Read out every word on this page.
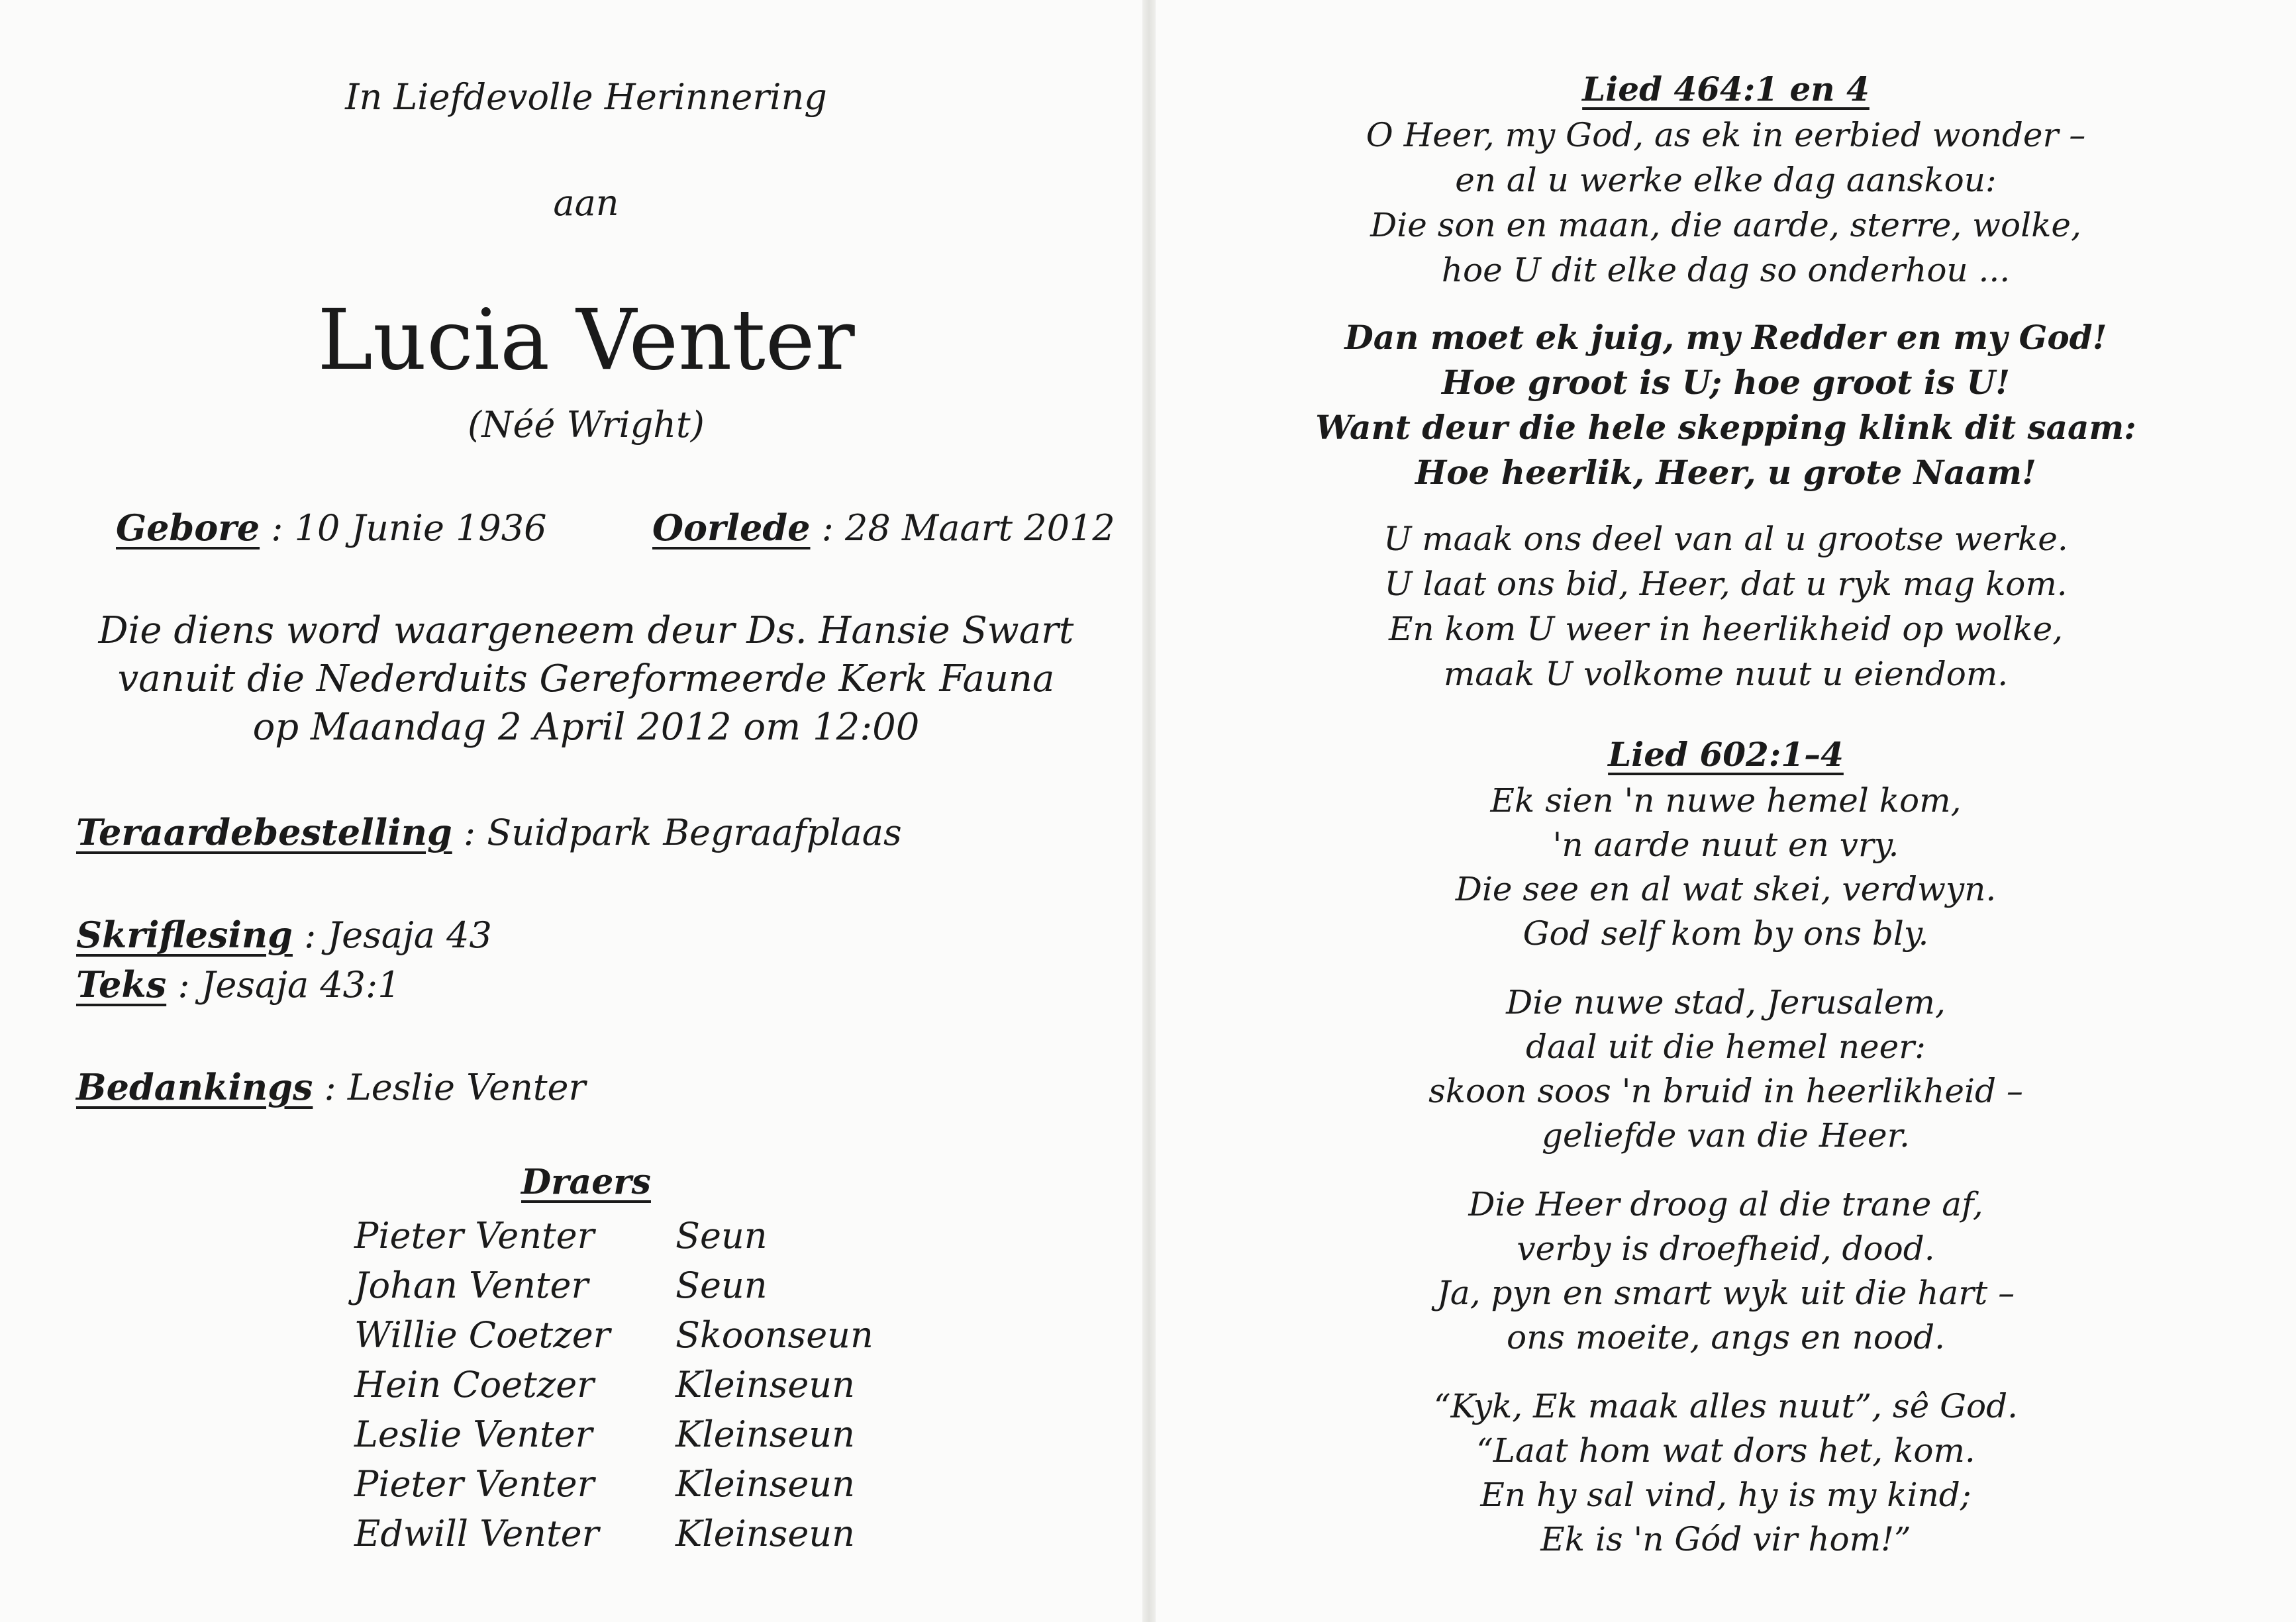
In Liefdevolle Herinnering
aan
Lucia Venter
(Néé Wright)
Gebore : 10 Junie 1936	Oorlede : 28 Maart 2012
Die diens word waargeneem deur Ds. Hansie Swart
vanuit die Nederduits Gereformeerde Kerk Fauna
op Maandag 2 April 2012 om 12:00
Teraardebestelling : Suidpark Begraafplaas
Skriflesing : Jesaja 43
Teks : Jesaja 43:1
Bedankings : Leslie Venter
Draers
Pieter Venter Seun
Johan Venter Seun
Willie Coetzer Skoonseun
Hein Coetzer Kleinseun
Leslie Venter Kleinseun
Pieter Venter Kleinseun
Edwill Venter Kleinseun
Lied 464:1 en 4
O Heer, my God, as ek in eerbied wonder –
en al u werke elke dag aanskou:
Die son en maan, die aarde, sterre, wolke,
hoe U dit elke dag so onderhou ...
Dan moet ek juig, my Redder en my God!
Hoe groot is U; hoe groot is U!
Want deur die hele skepping klink dit saam:
Hoe heerlik, Heer, u grote Naam!
U maak ons deel van al u grootse werke.
U laat ons bid, Heer, dat u ryk mag kom.
En kom U weer in heerlikheid op wolke,
maak U volkome nuut u eiendom.
Lied 602:1–4
Ek sien 'n nuwe hemel kom,
'n aarde nuut en vry.
Die see en al wat skei, verdwyn.
God self kom by ons bly.
Die nuwe stad, Jerusalem,
daal uit die hemel neer:
skoon soos 'n bruid in heerlikheid –
geliefde van die Heer.
Die Heer droog al die trane af,
verby is droefheid, dood.
Ja, pyn en smart wyk uit die hart –
ons moeite, angs en nood.
“Kyk, Ek maak alles nuut”, sê God.
“Laat hom wat dors het, kom.
En hy sal vind, hy is my kind;
Ek is 'n Gód vir hom!”
